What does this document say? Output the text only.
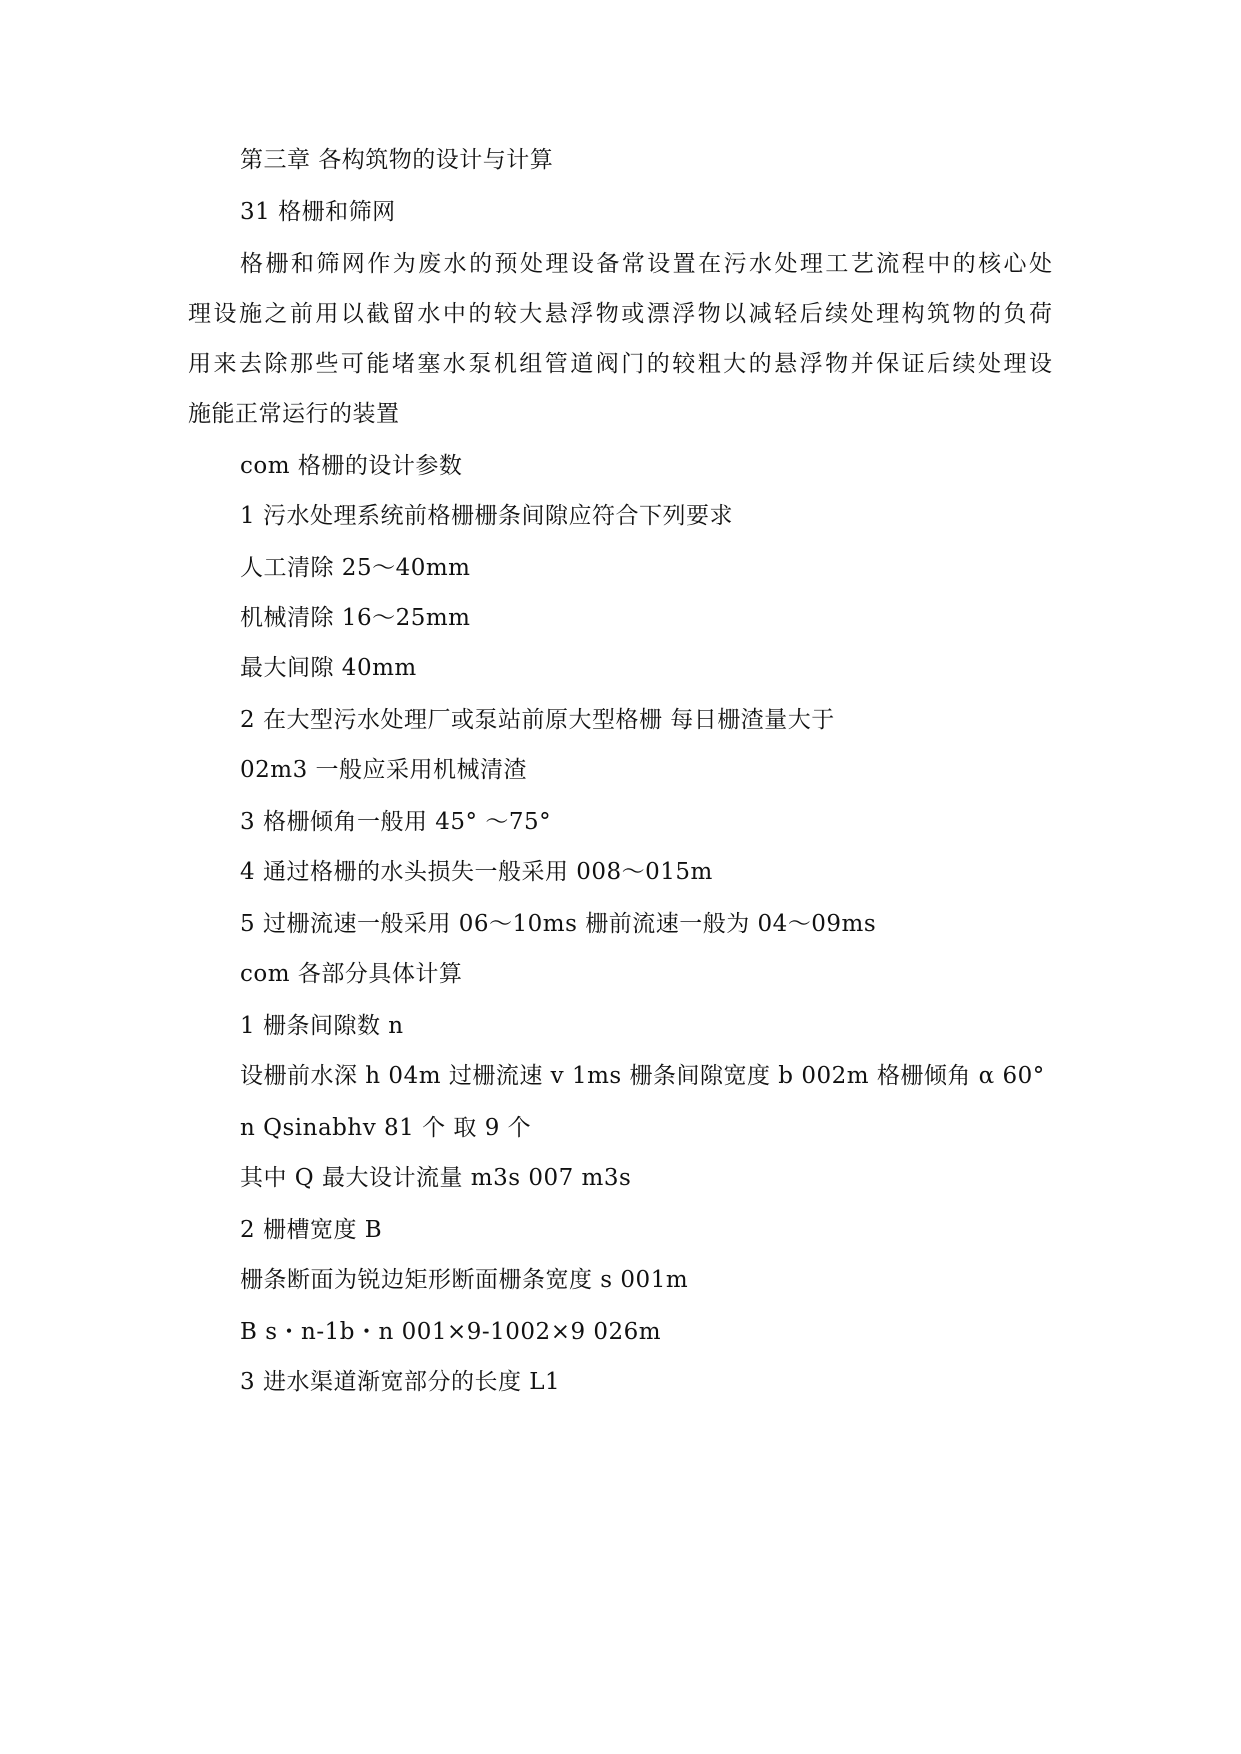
第三章 各构筑物的设计与计算
31 格栅和筛网
格栅和筛网作为废水的预处理设备常设置在污水处理工艺流程中的核心处
理设施之前用以截留水中的较大悬浮物或漂浮物以减轻后续处理构筑物的负荷
用来去除那些可能堵塞水泵机组管道阀门的较粗大的悬浮物并保证后续处理设
施能正常运行的装置
com 格栅的设计参数
1 污水处理系统前格栅栅条间隙应符合下列要求
人工清除 25～40mm
机械清除 16～25mm
最大间隙 40mm
2 在大型污水处理厂或泵站前原大型格栅 每日栅渣量大于
02m3 一般应采用机械清渣
3 格栅倾角一般用 45° ～75°
4 通过格栅的水头损失一般采用 008～015m
5 过栅流速一般采用 06～10ms 栅前流速一般为 04～09ms
com 各部分具体计算
1 栅条间隙数 n
设栅前水深 h 04m 过栅流速 v 1ms 栅条间隙宽度 b 002m 格栅倾角 α 60°
n Qsinabhv 81 个 取 9 个
其中 Q 最大设计流量 m3s 007 m3s
2 栅槽宽度 B
栅条断面为锐边矩形断面栅条宽度 s 001m
B s・n-1b・n 001×9-1002×9 026m
3 进水渠道渐宽部分的长度 L1
